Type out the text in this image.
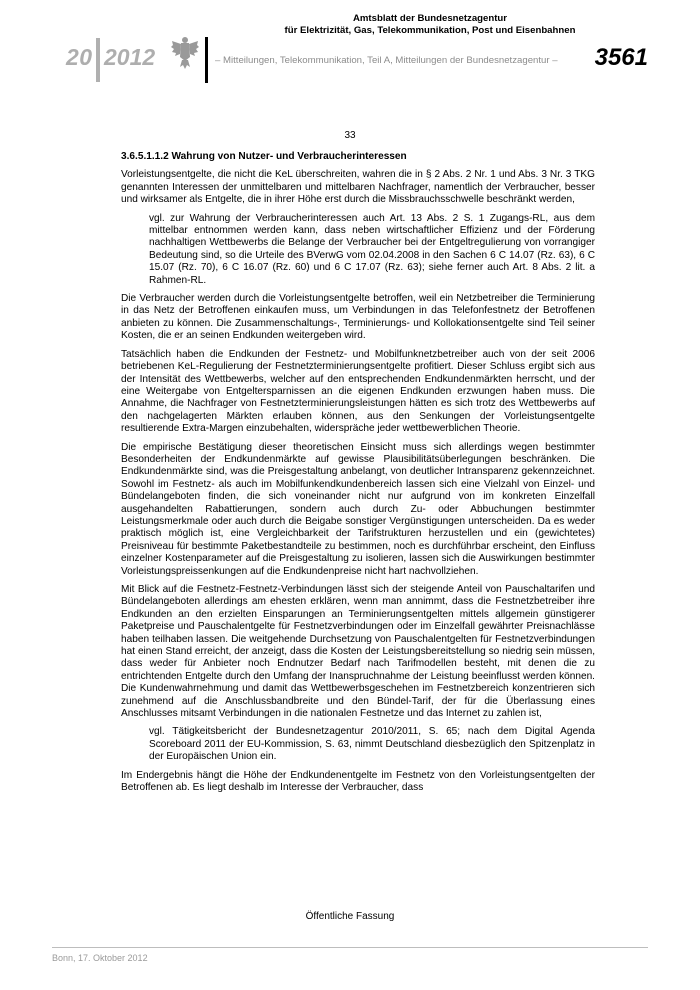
20 2012
Amtsblatt der Bundesnetzagentur
für Elektrizität, Gas, Telekommunikation, Post und Eisenbahnen
– Mitteilungen, Telekommunikation, Teil A, Mitteilungen der Bundesnetzagentur –	3561
33
3.6.5.1.1.2 Wahrung von Nutzer- und Verbraucherinteressen

Vorleistungsentgelte, die nicht die KeL überschreiten, wahren die in § 2 Abs. 2 Nr. 1 und Abs. 3 Nr. 3 TKG genannten Interessen der unmittelbaren und mittelbaren Nachfrager, namentlich der Verbraucher, besser und wirksamer als Entgelte, die in ihrer Höhe erst durch die Missbrauchsschwelle beschränkt werden,

vgl. zur Wahrung der Verbraucherinteressen auch Art. 13 Abs. 2 S. 1 Zugangs-RL, aus dem mittelbar entnommen werden kann, dass neben wirtschaftlicher Effizienz und der Förderung nachhaltigen Wettbewerbs die Belange der Verbraucher bei der Entgeltregulierung von vorrangiger Bedeutung sind, so die Urteile des BVerwG vom 02.04.2008 in den Sachen 6 C 14.07 (Rz. 63), 6 C 15.07 (Rz. 70), 6 C 16.07 (Rz. 60) und 6 C 17.07 (Rz. 63); siehe ferner auch Art. 8 Abs. 2 lit. a Rahmen-RL.

Die Verbraucher werden durch die Vorleistungsentgelte betroffen, weil ein Netzbetreiber die Terminierung in das Netz der Betroffenen einkaufen muss, um Verbindungen in das Telefonfestnetz der Betroffenen anbieten zu können. Die Zusammenschaltungs-, Terminierungs- und Kollokationsentgelte sind Teil seiner Kosten, die er an seinen Endkunden weitergeben wird.

Tatsächlich haben die Endkunden der Festnetz- und Mobilfunknetzbetreiber auch von der seit 2006 betriebenen KeL-Regulierung der Festnetzterminierungsentgelte profitiert. Dieser Schluss ergibt sich aus der Intensität des Wettbewerbs, welcher auf den entsprechenden Endkundenmärkten herrscht, und der eine Weitergabe von Entgeltersparnissen an die eigenen Endkunden erzwungen haben muss. Die Annahme, die Nachfrager von Festnetzterminierungsleistungen hätten es sich trotz des Wettbewerbs auf den nachgelagerten Märkten erlauben können, aus den Senkungen der Vorleistungsentgelte resultierende Extra-Margen einzubehalten, widerspräche jeder wettbewerblichen Theorie.

Die empirische Bestätigung dieser theoretischen Einsicht muss sich allerdings wegen bestimmter Besonderheiten der Endkundenmärkte auf gewisse Plausibilitätsüberlegungen beschränken. Die Endkundenmärkte sind, was die Preisgestaltung anbelangt, von deutlicher Intransparenz gekennzeichnet. Sowohl im Festnetz- als auch im Mobilfunkendkundenbereich lassen sich eine Vielzahl von Einzel- und Bündelangeboten finden, die sich voneinander nicht nur aufgrund von im konkreten Einzelfall ausgehandelten Rabattierungen, sondern auch durch Zu- oder Abbuchungen bestimmter Leistungsmerkmale oder auch durch die Beigabe sonstiger Vergünstigungen unterscheiden. Da es weder praktisch möglich ist, eine Vergleichbarkeit der Tarifstrukturen herzustellen und ein (gewichtetes) Preisniveau für bestimmte Paketbestandteile zu bestimmen, noch es durchführbar erscheint, den Einfluss einzelner Kostenparameter auf die Preisgestaltung zu isolieren, lassen sich die Auswirkungen bestimmter Vorleistungspreissenkungen auf die Endkundenpreise nicht hart nachvollziehen.

Mit Blick auf die Festnetz-Festnetz-Verbindungen lässt sich der steigende Anteil von Pauschaltarifen und Bündelangeboten allerdings am ehesten erklären, wenn man annimmt, dass die Festnetzbetreiber ihre Endkunden an den erzielten Einsparungen an Terminierungsentgelten mittels allgemein günstigerer Paketpreise und Pauschalentgelte für Festnetzverbindungen oder im Einzelfall gewährter Preisnachlässe haben teilhaben lassen. Die weitgehende Durchsetzung von Pauschalentgelten für Festnetzverbindungen hat einen Stand erreicht, der anzeigt, dass die Kosten der Leistungsbereitstellung so niedrig sein müssen, dass weder für Anbieter noch Endnutzer Bedarf nach Tarifmodellen besteht, mit denen die zu entrichtenden Entgelte durch den Umfang der Inanspruchnahme der Leistung beeinflusst werden können. Die Kundenwahrnehmung und damit das Wettbewerbsgeschehen im Festnetzbereich konzentrieren sich zunehmend auf die Anschlussbandbreite und den Bündel-Tarif, der für die Überlassung eines Anschlusses mitsamt Verbindungen in die nationalen Festnetze und das Internet zu zahlen ist,

vgl. Tätigkeitsbericht der Bundesnetzagentur 2010/2011, S. 65; nach dem Digital Agenda Scoreboard 2011 der EU-Kommission, S. 63, nimmt Deutschland diesbezüglich den Spitzenplatz in der Europäischen Union ein.

Im Endergebnis hängt die Höhe der Endkundenentgelte im Festnetz von den Vorleistungsentgelten der Betroffenen ab. Es liegt deshalb im Interesse der Verbraucher, dass

Öffentliche Fassung
Bonn, 17. Oktober 2012
